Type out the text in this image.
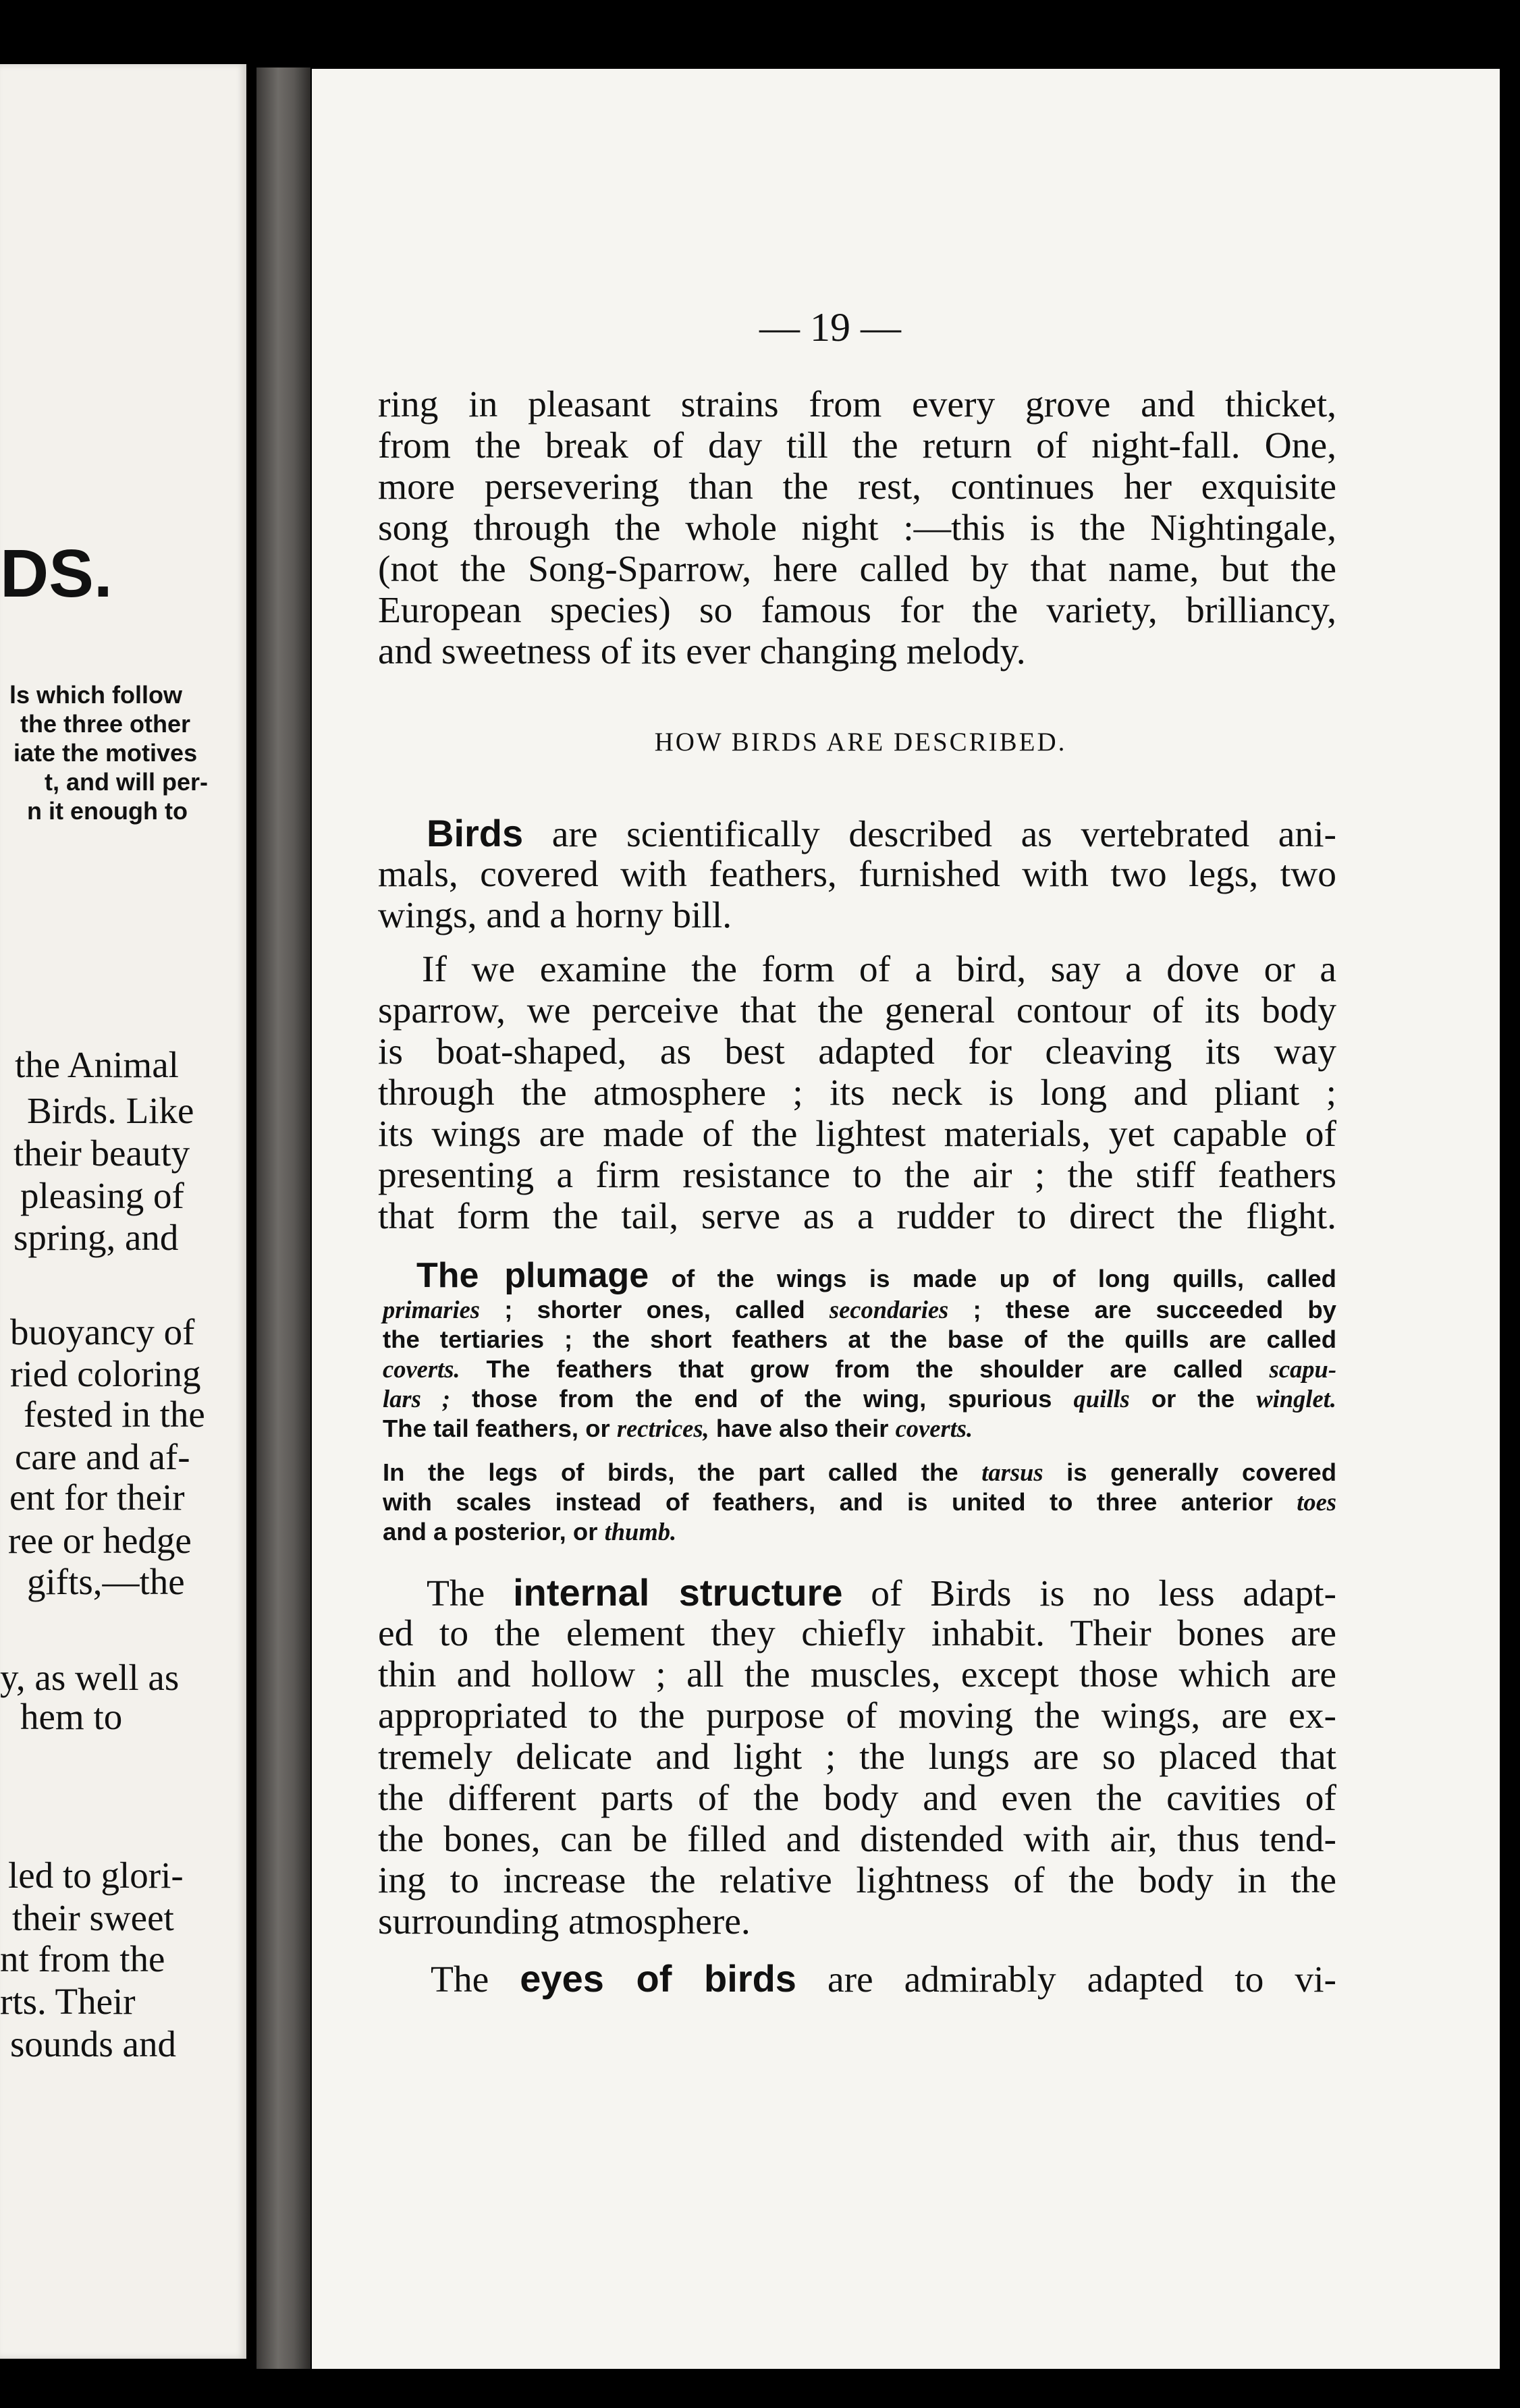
DS.
ls which follow
the three other
iate the motives
t, and will per-
n it enough to
the Animal
Birds. Like
their beauty
pleasing of
spring, and
buoyancy of
ried coloring
fested in the
care and af-
ent for their
ree or hedge
gifts,—the
y, as well as
hem to
led to glori-
their sweet
nt from the
rts. Their
sounds and
— 19 —
ring in pleasant strains from every grove and thicket,
from the break of day till the return of night-fall. One,
more persevering than the rest, continues her exquisite
song through the whole night :—this is the Nightingale,
(not the Song-Sparrow, here called by that name, but the
European species) so famous for the variety, brilliancy,
and sweetness of its ever changing melody.
HOW BIRDS ARE DESCRIBED.
Birds are scientifically described as vertebrated ani-
mals, covered with feathers, furnished with two legs, two
wings, and a horny bill.
If we examine the form of a bird, say a dove or a
sparrow, we perceive that the general contour of its body
is boat-shaped, as best adapted for cleaving its way
through the atmosphere ; its neck is long and pliant ;
its wings are made of the lightest materials, yet capable of
presenting a firm resistance to the air ; the stiff feathers
that form the tail, serve as a rudder to direct the flight.
The plumage of the wings is made up of long quills, called
primaries ; shorter ones, called secondaries ; these are succeeded by
the tertiaries ; the short feathers at the base of the quills are called
coverts. The feathers that grow from the shoulder are called scapu-
lars ; those from the end of the wing, spurious quills or the winglet.
The tail feathers, or rectrices, have also their coverts.
In the legs of birds, the part called the tarsus is generally covered
with scales instead of feathers, and is united to three anterior toes
and a posterior, or thumb.
The internal structure of Birds is no less adapt-
ed to the element they chiefly inhabit. Their bones are
thin and hollow ; all the muscles, except those which are
appropriated to the purpose of moving the wings, are ex-
tremely delicate and light ; the lungs are so placed that
the different parts of the body and even the cavities of
the bones, can be filled and distended with air, thus tend-
ing to increase the relative lightness of the body in the
surrounding atmosphere.
The eyes of birds are admirably adapted to vi-
